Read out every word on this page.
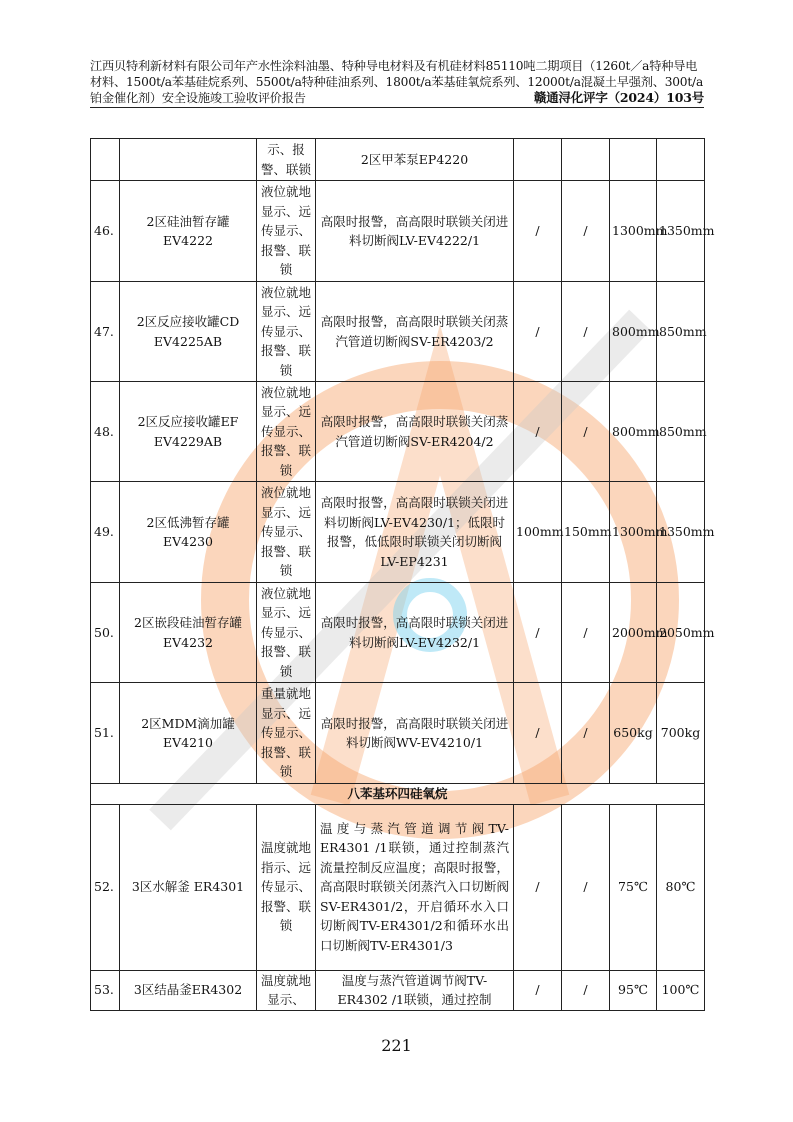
江西贝特利新材料有限公司年产水性涂料油墨、特种导电材料及有机硅材料85110吨二期项目（1260t／a特种导电材料、1500t/a苯基硅烷系列、5500t/a特种硅油系列、1800t/a苯基硅氧烷系列、12000t/a混凝土早强剂、300t/a铂金催化剂）安全设施竣工验收评价报告	赣通浔化评字（2024）103号
		示、报警、联锁	2区甲苯泵EP4220				
46.	2区硅油暂存罐EV4222	液位就地显示、远传显示、报警、联锁	高限时报警，高高限时联锁关闭进料切断阀LV-EV4222/1	/	/	1300mm	1350mm
47.	2区反应接收罐CD EV4225AB	液位就地显示、远传显示、报警、联锁	高限时报警，高高限时联锁关闭蒸汽管道切断阀SV-ER4203/2	/	/	800mm	850mm
48.	2区反应接收罐EF EV4229AB	液位就地显示、远传显示、报警、联锁	高限时报警，高高限时联锁关闭蒸汽管道切断阀SV-ER4204/2	/	/	800mm	850mm
49.	2区低沸暂存罐EV4230	液位就地显示、远传显示、报警、联锁	高限时报警，高高限时联锁关闭进料切断阀LV-EV4230/1；低限时报警，低低限时联锁关闭切断阀LV-EP4231	100mm	150mm	1300mm	1350mm
50.	2区嵌段硅油暂存罐EV4232	液位就地显示、远传显示、报警、联锁	高限时报警，高高限时联锁关闭进料切断阀LV-EV4232/1	/	/	2000mm	2050mm
51.	2区MDM滴加罐EV4210	重量就地显示、远传显示、报警、联锁	高限时报警，高高限时联锁关闭进料切断阀WV-EV4210/1	/	/	650kg	700kg
八苯基环四硅氧烷							
52.	3区水解釜 ER4301	温度就地指示、远传显示、报警、联锁	温度与蒸汽管道调节阀TV-ER4301 /1联锁，通过控制蒸汽流量控制反应温度；高限时报警，高高限时联锁关闭蒸汽入口切断阀SV-ER4301/2，开启循环水入口切断阀TV-ER4301/2和循环水出口切断阀TV-ER4301/3	/	/	75℃	80℃
53.	3区结晶釜ER4302	温度就地显示、	温度与蒸汽管道调节阀TV-ER4302 /1联锁，通过控制	/	/	95℃	100℃
221
